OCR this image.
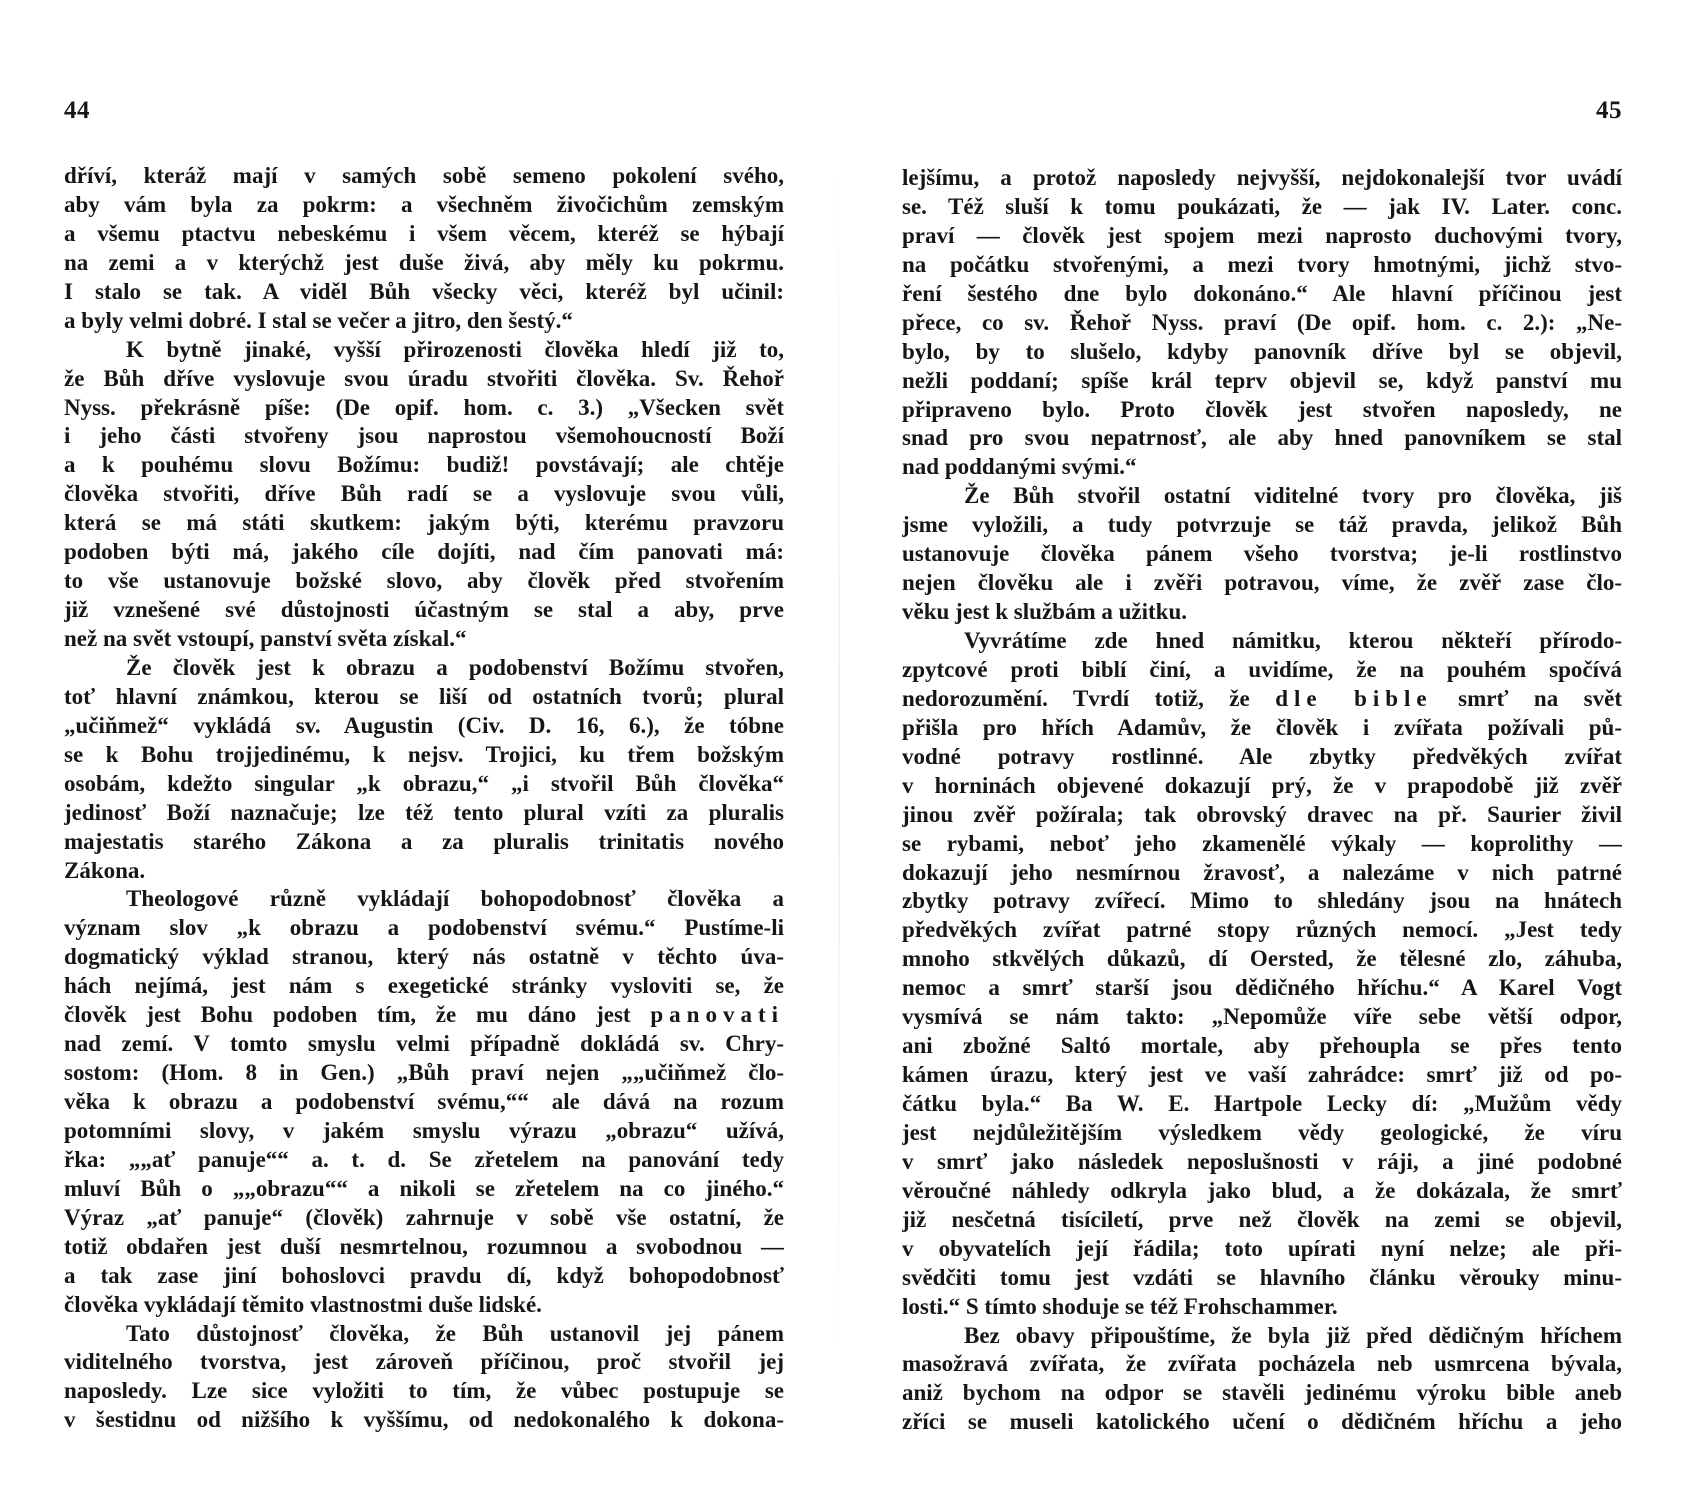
44
dříví, kteráž mají v samých sobě semeno pokolení svého,
aby vám byla za pokrm: a všechněm živočichům zemským
a všemu ptactvu nebeskému i všem věcem, kteréž se hýbají
na zemi a v kterýchž jest duše živá, aby měly ku pokrmu.
I stalo se tak. A viděl Bůh všecky věci, kteréž byl učinil:
a byly velmi dobré. I stal se večer a jitro, den šestý.“
K bytně jinaké, vyšší přirozenosti člověka hledí již to,
že Bůh dříve vyslovuje svou úradu stvořiti člověka. Sv. Řehoř
Nyss. překrásně píše: (De opif. hom. c. 3.) „Všecken svět
i jeho části stvořeny jsou naprostou všemohoucností Boží
a k pouhému slovu Božímu: budiž! povstávají; ale chtěje
člověka stvořiti, dříve Bůh radí se a vyslovuje svou vůli,
která se má státi skutkem: jakým býti, kterému pravzoru
podoben býti má, jakého cíle dojíti, nad čím panovati má:
to vše ustanovuje božské slovo, aby člověk před stvořením
již vznešené své důstojnosti účastným se stal a aby, prve
než na svět vstoupí, panství světa získal.“
Že člověk jest k obrazu a podobenství Božímu stvořen,
toť hlavní známkou, kterou se liší od ostatních tvorů; plural
„učiňmež“ vykládá sv. Augustin (Civ. D. 16, 6.), že tóbne
se k Bohu trojjedinému, k nejsv. Trojici, ku třem božským
osobám, kdežto singular „k obrazu,“ „i stvořil Bůh člověka“
jedinosť Boží naznačuje; lze též tento plural vzíti za pluralis
majestatis starého Zákona a za pluralis trinitatis nového
Zákona.
Theologové různě vykládají bohopodobnosť člověka a
význam slov „k obrazu a podobenství svému.“ Pustíme-li
dogmatický výklad stranou, který nás ostatně v těchto úva-
hách nejímá, jest nám s exegetické stránky vysloviti se, že
člověk jest Bohu podoben tím, že mu dáno jest panovati
nad zemí. V tomto smyslu velmi případně dokládá sv. Chry-
sostom: (Hom. 8 in Gen.) „Bůh praví nejen „„učiňmež člo-
věka k obrazu a podobenství svému,““ ale dává na rozum
potomními slovy, v jakém smyslu výrazu „obrazu“ užívá,
řka: „„ať panuje““ a. t. d. Se zřetelem na panování tedy
mluví Bůh o „„obrazu““ a nikoli se zřetelem na co jiného.“
Výraz „ať panuje“ (člověk) zahrnuje v sobě vše ostatní, že
totiž obdařen jest duší nesmrtelnou, rozumnou a svobodnou —
a tak zase jiní bohoslovci pravdu dí, když bohopodobnosť
člověka vykládají těmito vlastnostmi duše lidské.
Tato důstojnosť člověka, že Bůh ustanovil jej pánem
viditelného tvorstva, jest zároveň příčinou, proč stvořil jej
naposledy. Lze sice vyložiti to tím, že vůbec postupuje se
v šestidnu od nižšího k vyššímu, od nedokonalého k dokona-
45
lejšímu, a protož naposledy nejvyšší, nejdokonalejší tvor uvádí
se. Též sluší k tomu poukázati, že — jak IV. Later. conc.
praví — člověk jest spojem mezi naprosto duchovými tvory,
na počátku stvořenými, a mezi tvory hmotnými, jichž stvo-
ření šestého dne bylo dokonáno.“ Ale hlavní příčinou jest
přece, co sv. Řehoř Nyss. praví (De opif. hom. c. 2.): „Ne-
bylo, by to slušelo, kdyby panovník dříve byl se objevil,
nežli poddaní; spíše král teprv objevil se, když panství mu
připraveno bylo. Proto člověk jest stvořen naposledy, ne
snad pro svou nepatrnosť, ale aby hned panovníkem se stal
nad poddanými svými.“
Že Bůh stvořil ostatní viditelné tvory pro člověka, jiš
jsme vyložili, a tudy potvrzuje se táž pravda, jelikož Bůh
ustanovuje člověka pánem všeho tvorstva; je-li rostlinstvo
nejen člověku ale i zvěři potravou, víme, že zvěř zase člo-
věku jest k službám a užitku.
Vyvrátíme zde hned námitku, kterou někteří přírodo-
zpytcové proti biblí činí, a uvidíme, že na pouhém spočívá
nedorozumění. Tvrdí totiž, že dle bible smrť na svět
přišla pro hřích Adamův, že člověk i zvířata požívali pů-
vodné potravy rostlinné. Ale zbytky předvěkých zvířat
v horninách objevené dokazují prý, že v prapodobě již zvěř
jinou zvěř požírala; tak obrovský dravec na př. Saurier živil
se rybami, neboť jeho zkamenělé výkaly — koprolithy —
dokazují jeho nesmírnou žravosť, a nalezáme v nich patrné
zbytky potravy zvířecí. Mimo to shledány jsou na hnátech
předvěkých zvířat patrné stopy různých nemocí. „Jest tedy
mnoho stkvělých důkazů, dí Oersted, že tělesné zlo, záhuba,
nemoc a smrť starší jsou dědičného hříchu.“ A Karel Vogt
vysmívá se nám takto: „Nepomůže víře sebe větší odpor,
ani zbožné Saltó mortale, aby přehoupla se přes tento
kámen úrazu, který jest ve vaší zahrádce: smrť již od po-
čátku byla.“ Ba W. E. Hartpole Lecky dí: „Mužům vědy
jest nejdůležitějším výsledkem vědy geologické, že víru
v smrť jako následek neposlušnosti v ráji, a jiné podobné
věroučné náhledy odkryla jako blud, a že dokázala, že smrť
již nesčetná tisíciletí, prve než člověk na zemi se objevil,
v obyvatelích její řádila; toto upírati nyní nelze; ale při-
svědčiti tomu jest vzdáti se hlavního článku věrouky minu-
losti.“ S tímto shoduje se též Frohschammer.
Bez obavy připouštíme, že byla již před dědičným hříchem
masožravá zvířata, že zvířata pocházela neb usmrcena bývala,
aniž bychom na odpor se stavěli jedinému výroku bible aneb
zříci se museli katolického učení o dědičném hříchu a jeho
